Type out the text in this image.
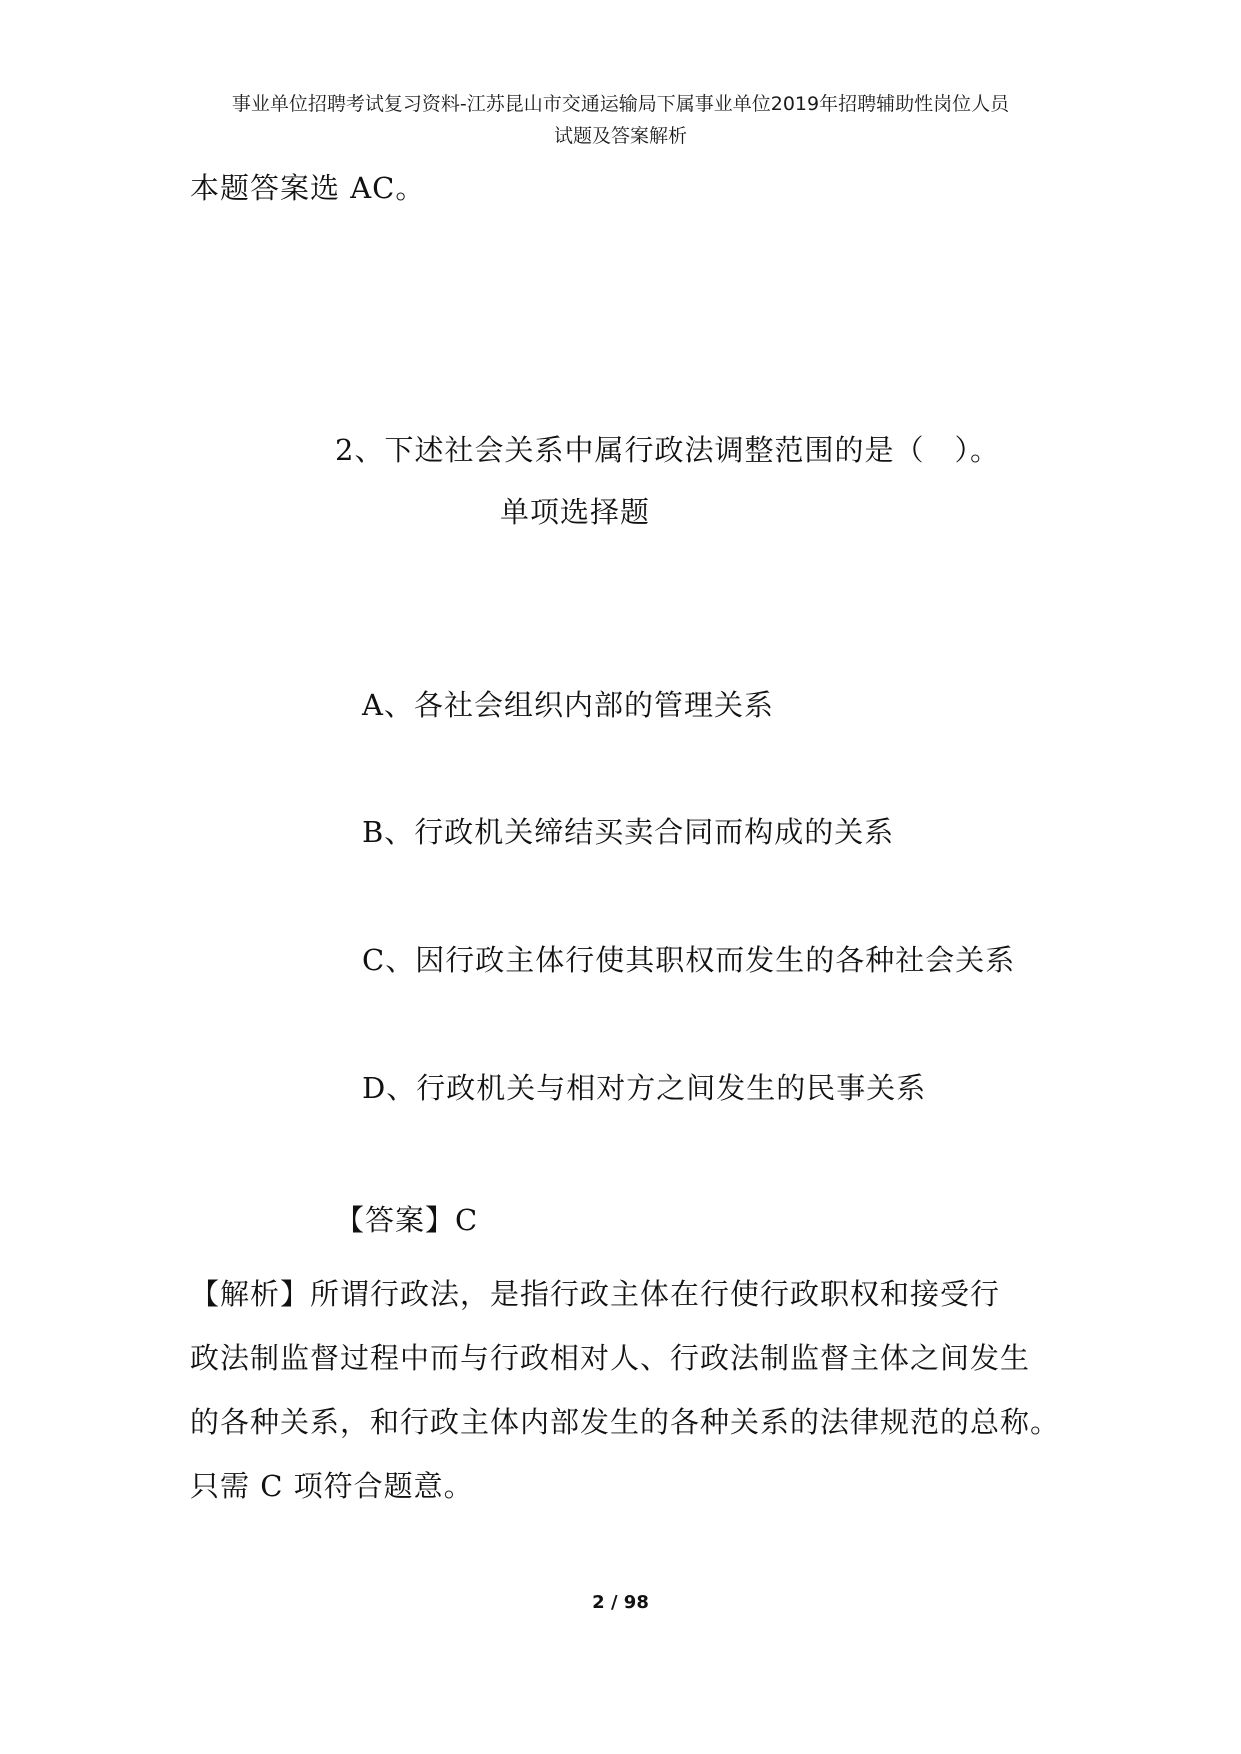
事业单位招聘考试复习资料-江苏昆山市交通运输局下属事业单位2019年招聘辅助性岗位人员
试题及答案解析
本题答案选 AC。
2、下述社会关系中属行政法调整范围的是（　）。
单项选择题
A、各社会组织内部的管理关系
B、行政机关缔结买卖合同而构成的关系
C、因行政主体行使其职权而发生的各种社会关系
D、行政机关与相对方之间发生的民事关系
【答案】C
【解析】所谓行政法，是指行政主体在行使行政职权和接受行
政法制监督过程中而与行政相对人、行政法制监督主体之间发生
的各种关系，和行政主体内部发生的各种关系的法律规范的总称。
只需 C 项符合题意。
2 / 98
